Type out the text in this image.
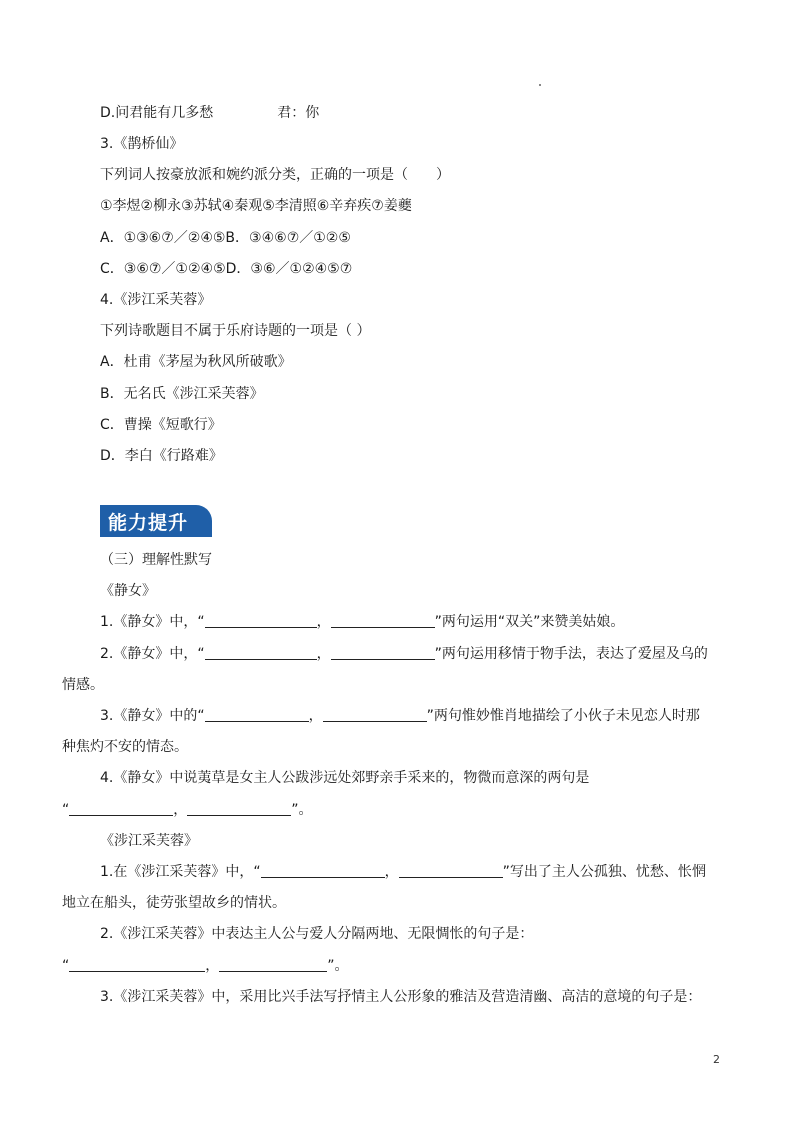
D.问君能有几多愁	君：你
3.《鹊桥仙》
下列词人按豪放派和婉约派分类，正确的一项是（　　）
①李煜②柳永③苏轼④秦观⑤李清照⑥辛弃疾⑦姜夔
A．①③⑥⑦／②④⑤B．③④⑥⑦／①②⑤
C．③⑥⑦／①②④⑤D．③⑥／①②④⑤⑦
4.《涉江采芙蓉》
下列诗歌题目不属于乐府诗题的一项是（ ）
A．杜甫《茅屋为秋风所破歌》
B．无名氏《涉江采芙蓉》
C．曹操《短歌行》
D．李白《行路难》
能力提升
（三）理解性默写
《静女》
1.《静女》中，“	，	”两句运用“双关”来赞美姑娘。
2.《静女》中，“	，	”两句运用移情于物手法，表达了爱屋及乌的
情感。
3.《静女》中的“	，	”两句惟妙惟肖地描绘了小伙子未见恋人时那
种焦灼不安的情态。
4.《静女》中说荑草是女主人公跋涉远处郊野亲手采来的，物微而意深的两句是
“	，	”。
《涉江采芙蓉》
1.在《涉江采芙蓉》中，“	，	”写出了主人公孤独、忧愁、怅惘
地立在船头，徒劳张望故乡的情状。
2.《涉江采芙蓉》中表达主人公与爱人分隔两地、无限惆怅的句子是：
“	，	”。
3.《涉江采芙蓉》中，采用比兴手法写抒情主人公形象的雅洁及营造清幽、高洁的意境的句子是：
2
